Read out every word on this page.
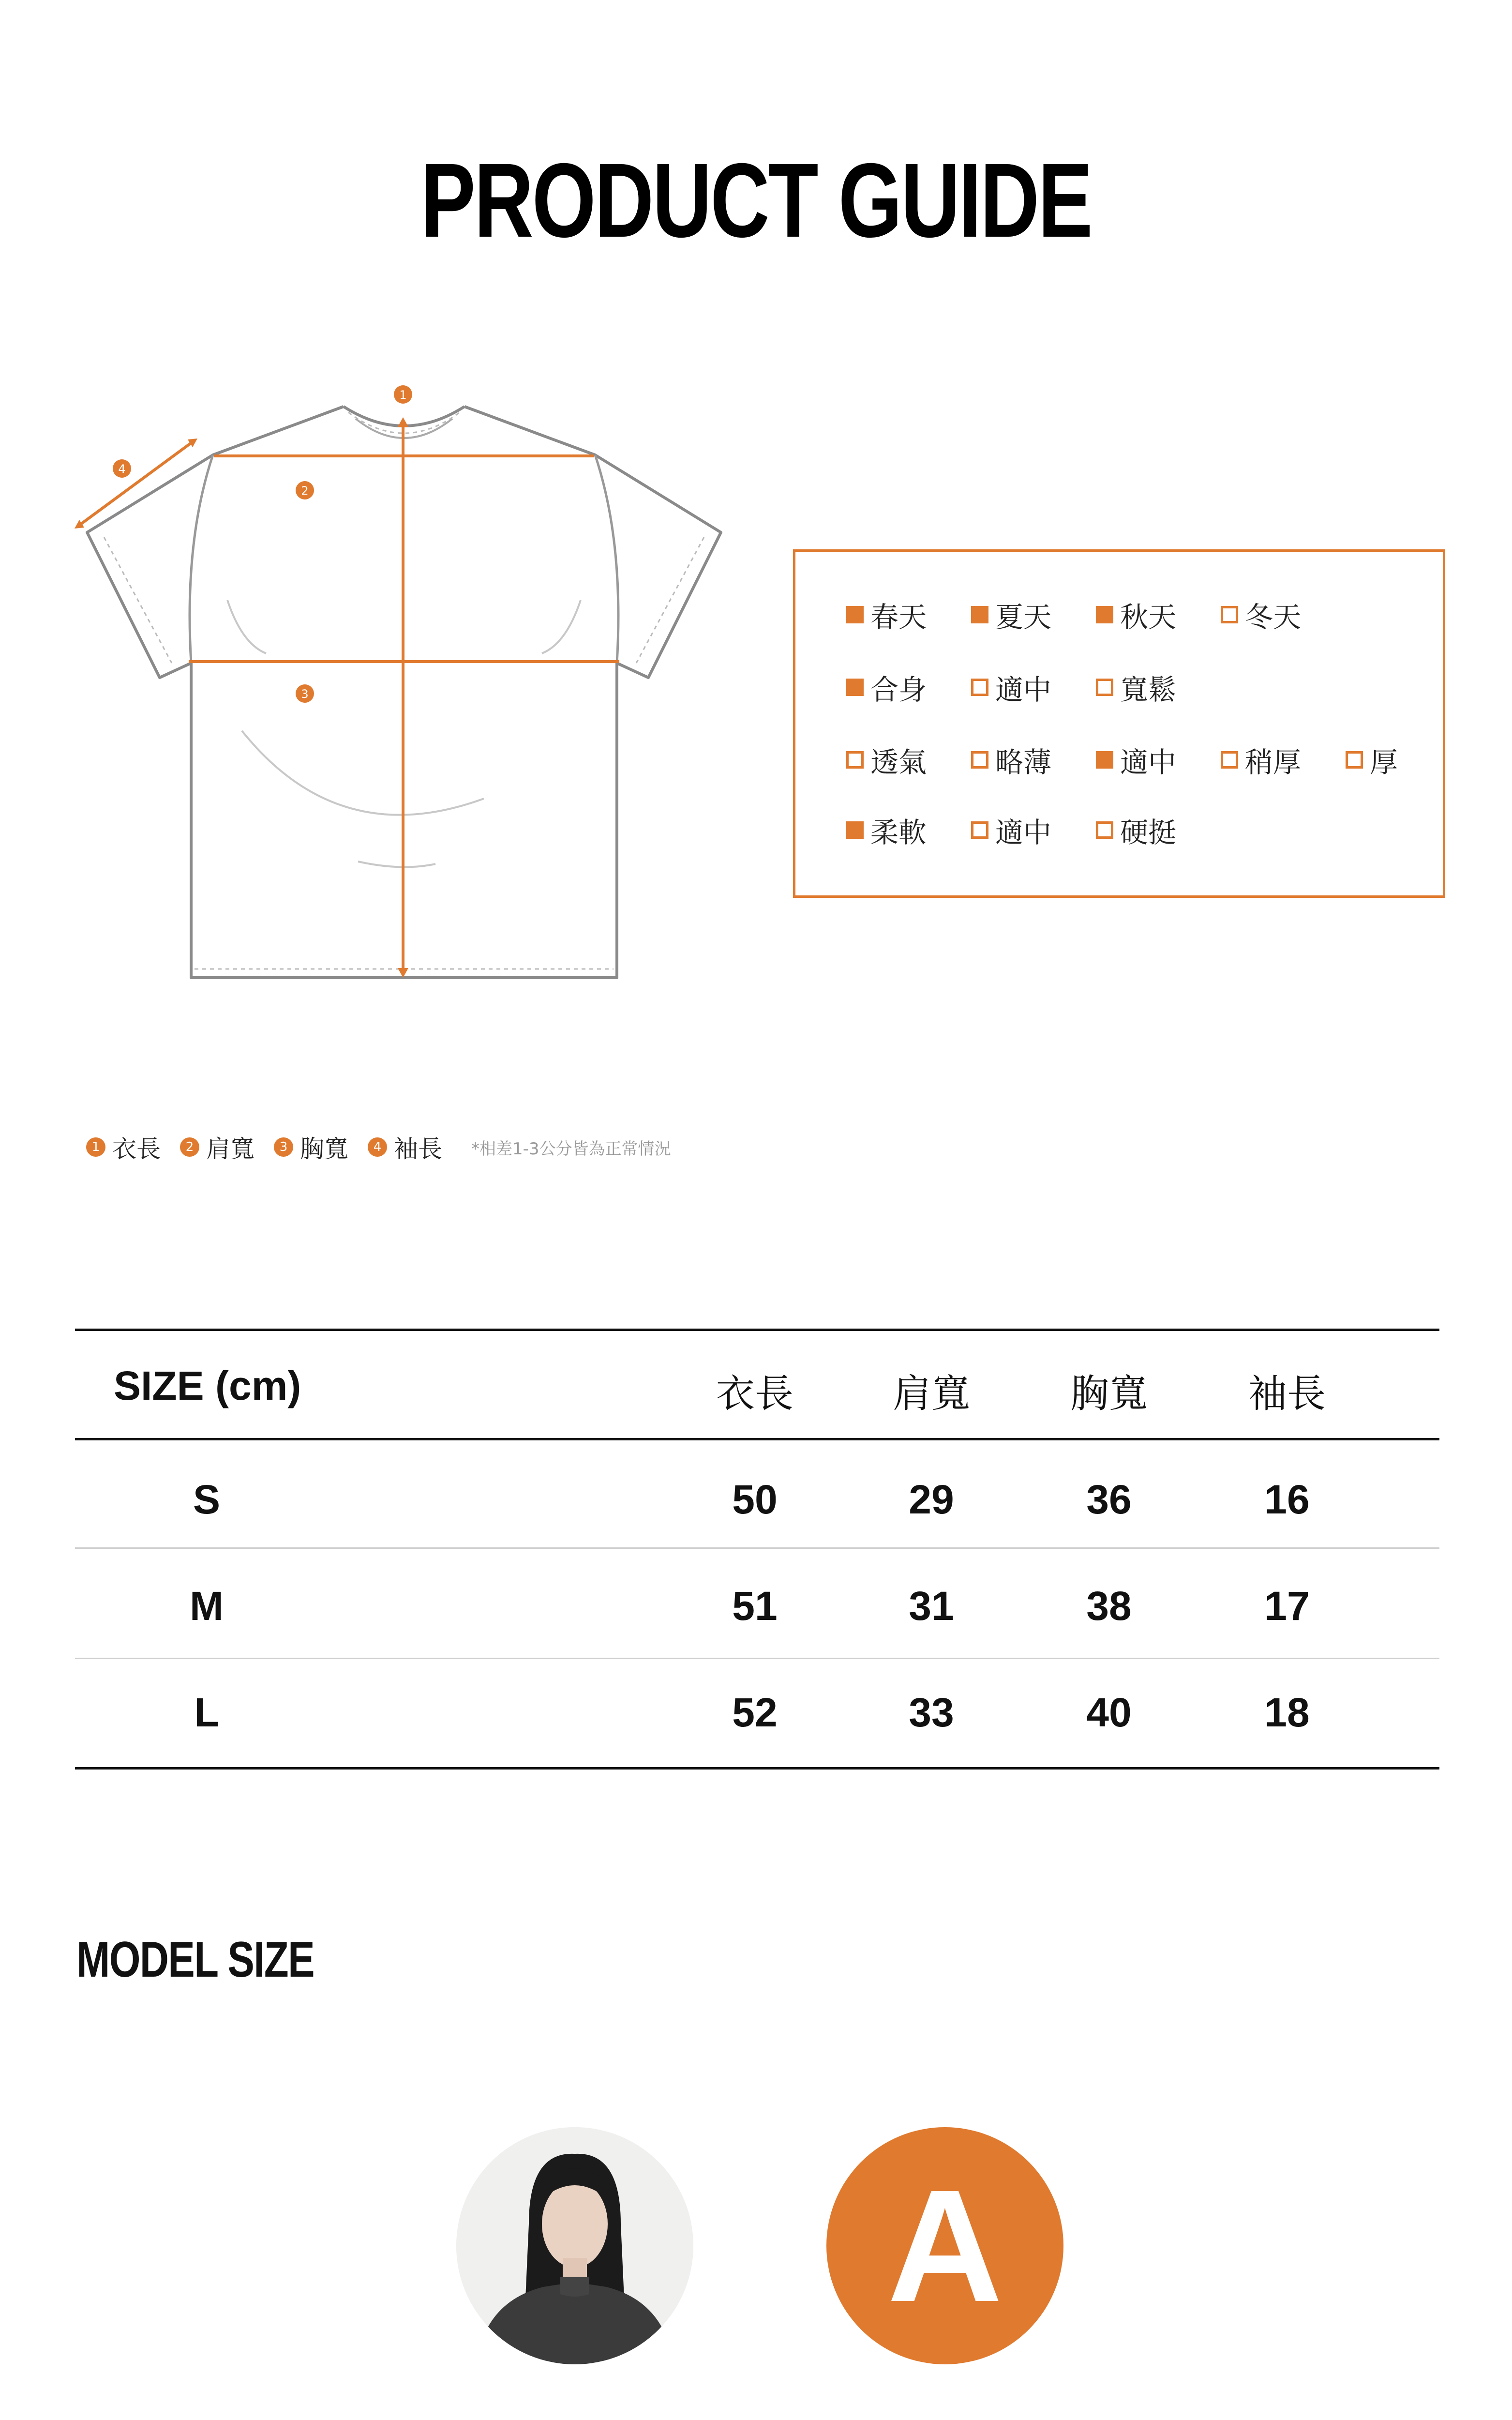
PRODUCT GUIDE
1
2
3
4
春天 夏天 秋天 冬天
合身 適中 寬鬆
透氣 略薄 適中 稍厚 厚
柔軟 適中 硬挺
1 衣長	2 肩寬	3 胸寬	4 袖長 *相差1-3公分皆為正常情況
SIZE (cm)	衣長	肩寬	胸寬	袖長
S	50	29	36	16
M	51	31	38	17
L	52	33	40	18
MODEL SIZE
A
